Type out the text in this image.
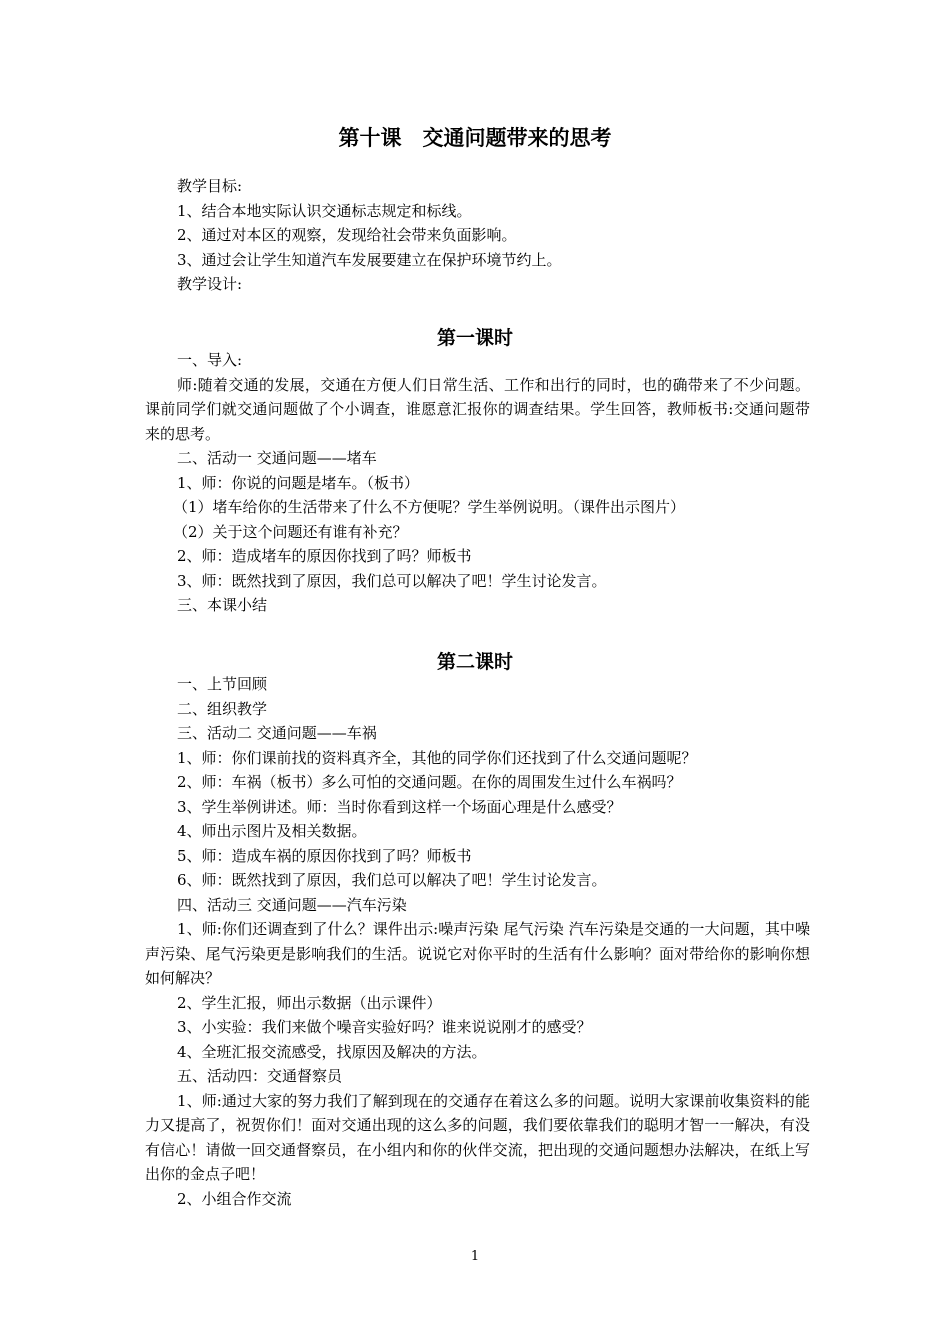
第十课　交通问题带来的思考
教学目标:
1、结合本地实际认识交通标志规定和标线。
2、通过对本区的观察，发现给社会带来负面影响。
3、通过会让学生知道汽车发展要建立在保护环境节约上。
教学设计:
第一课时
一、导入:
师:随着交通的发展，交通在方便人们日常生活、工作和出行的同时，也的确带来了不少问题。课前同学们就交通问题做了个小调查，谁愿意汇报你的调查结果。学生回答，教师板书:交通问题带来的思考。
二、活动一 交通问题——堵车
1、师：你说的问题是堵车。（板书）
（1）堵车给你的生活带来了什么不方便呢？学生举例说明。（课件出示图片）
（2）关于这个问题还有谁有补充？
2、师：造成堵车的原因你找到了吗？师板书
3、师：既然找到了原因，我们总可以解决了吧！学生讨论发言。
三、本课小结
第二课时
一、上节回顾
二、组织教学
三、活动二 交通问题——车祸
1、师：你们课前找的资料真齐全，其他的同学你们还找到了什么交通问题呢？
2、师：车祸（板书）多么可怕的交通问题。在你的周围发生过什么车祸吗？
3、学生举例讲述。师：当时你看到这样一个场面心理是什么感受？
4、师出示图片及相关数据。
5、师：造成车祸的原因你找到了吗？师板书
6、师：既然找到了原因，我们总可以解决了吧！学生讨论发言。
四、活动三 交通问题——汽车污染
1、师:你们还调查到了什么？课件出示:噪声污染 尾气污染 汽车污染是交通的一大问题，其中噪声污染、尾气污染更是影响我们的生活。说说它对你平时的生活有什么影响？面对带给你的影响你想如何解决？
2、学生汇报，师出示数据（出示课件）
3、小实验：我们来做个噪音实验好吗？谁来说说刚才的感受？
4、全班汇报交流感受，找原因及解决的方法。
五、活动四：交通督察员
1、师:通过大家的努力我们了解到现在的交通存在着这么多的问题。说明大家课前收集资料的能力又提高了，祝贺你们！面对交通出现的这么多的问题，我们要依靠我们的聪明才智一一解决，有没有信心！请做一回交通督察员，在小组内和你的伙伴交流，把出现的交通问题想办法解决，在纸上写出你的金点子吧！
2、小组合作交流
1
